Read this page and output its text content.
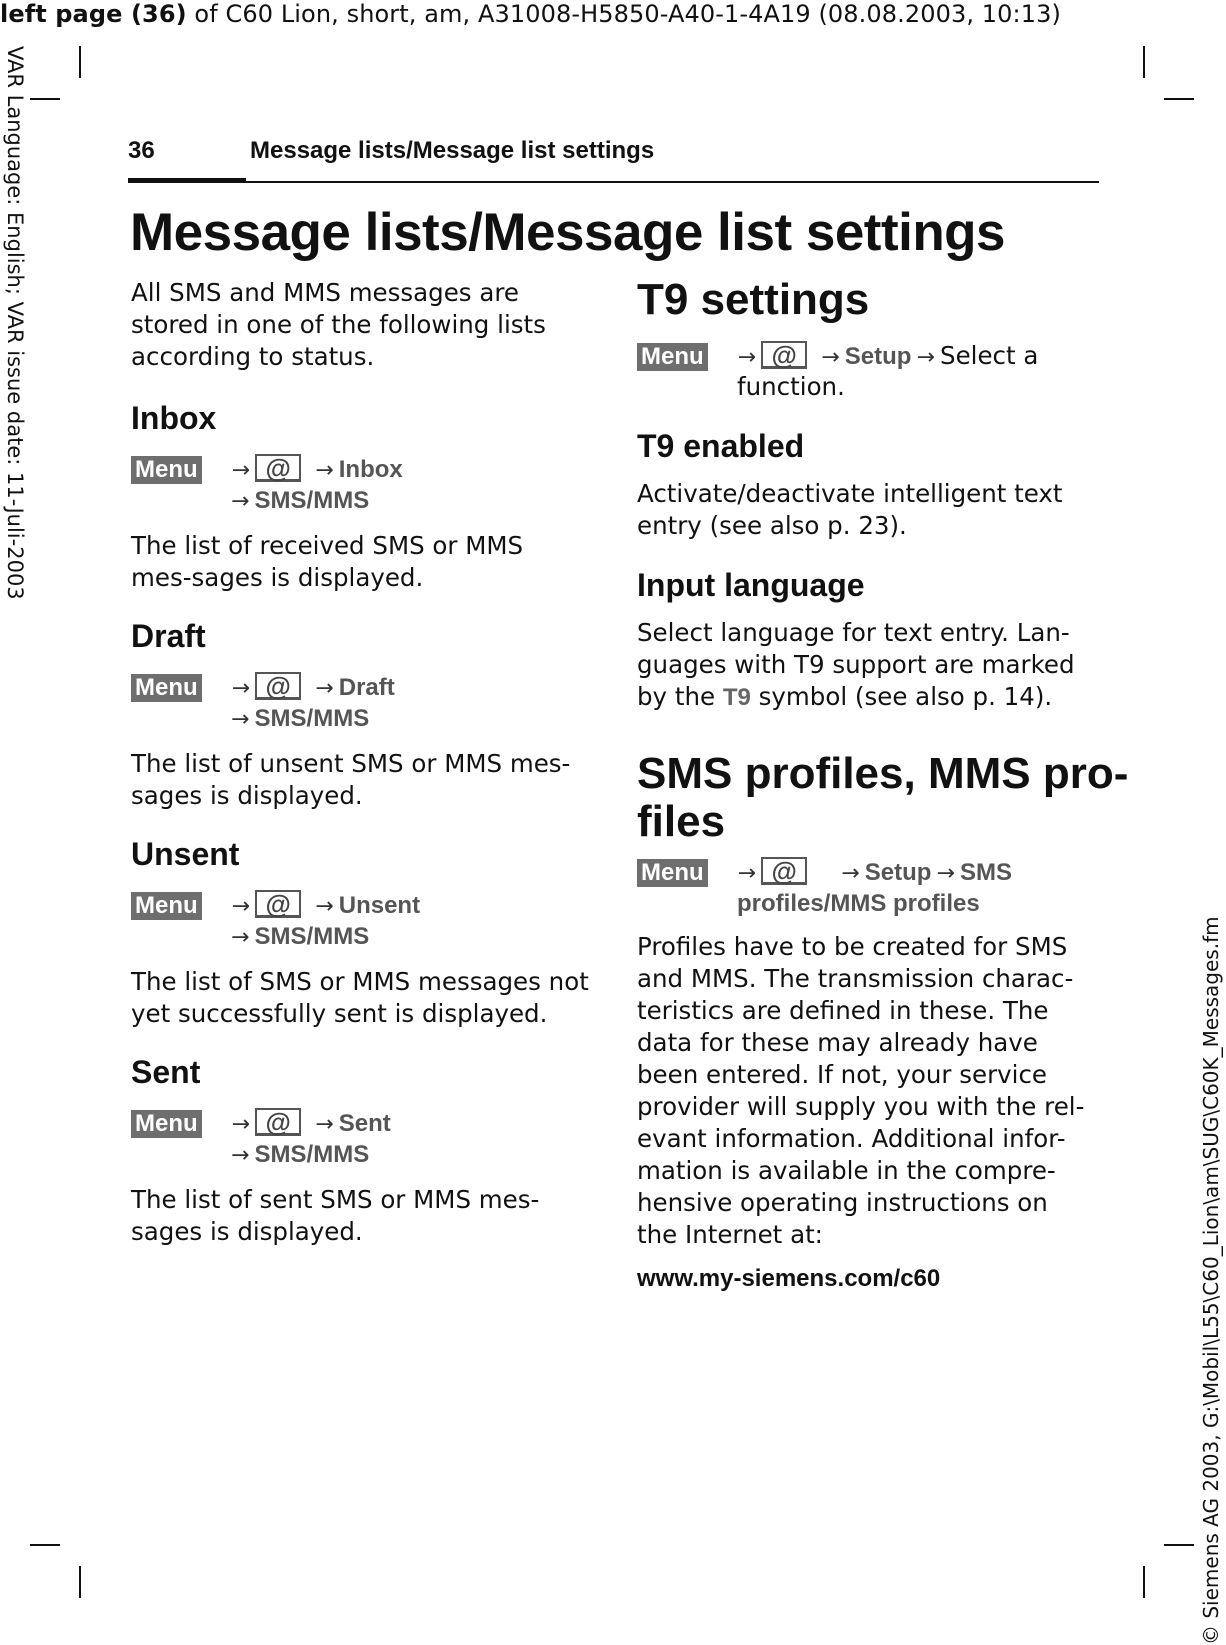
left page (36) of C60 Lion, short, am, A31008-H5850-A40-1-4A19 (08.08.2003, 10:13)
VAR Language: English; VAR issue date: 11-Juli-2003
© Siemens AG 2003, G:\Mobil\L55\C60_Lion\am\SUG\C60K_Messages.fm
36	Message lists/Message list settings
Message lists/Message list settings

All SMS and MMS messages are stored in one of the following lists according to status.

Inbox
Menu → @ → Inbox
→ SMS/MMS

The list of received SMS or MMS mes-sages is displayed.

Draft
Menu → @ → Draft
→ SMS/MMS

The list of unsent SMS or MMS mes-sages is displayed.

Unsent
Menu → @ → Unsent
→ SMS/MMS

The list of SMS or MMS messages not yet successfully sent is displayed.

Sent
Menu → @ → Sent
→ SMS/MMS

The list of sent SMS or MMS mes-sages is displayed.

T9 settings
Menu → @ → Setup → Select a
function.
T9 enabled

Activate/deactivate intelligent text entry (see also p. 23).

Input language

Select language for text entry. Lan-guages with T9 support are marked by the T9 symbol (see also p. 14).

SMS profiles, MMS pro-
files
Menu → @ → Setup → SMS
profiles/MMS profiles

Profiles have to be created for SMS and MMS. The transmission charac-teristics are defined in these. The data for these may already have been entered. If not, your service provider will supply you with the rel-evant information. Additional infor-mation is available in the compre-hensive operating instructions on the Internet at:

www.my-siemens.com/c60
